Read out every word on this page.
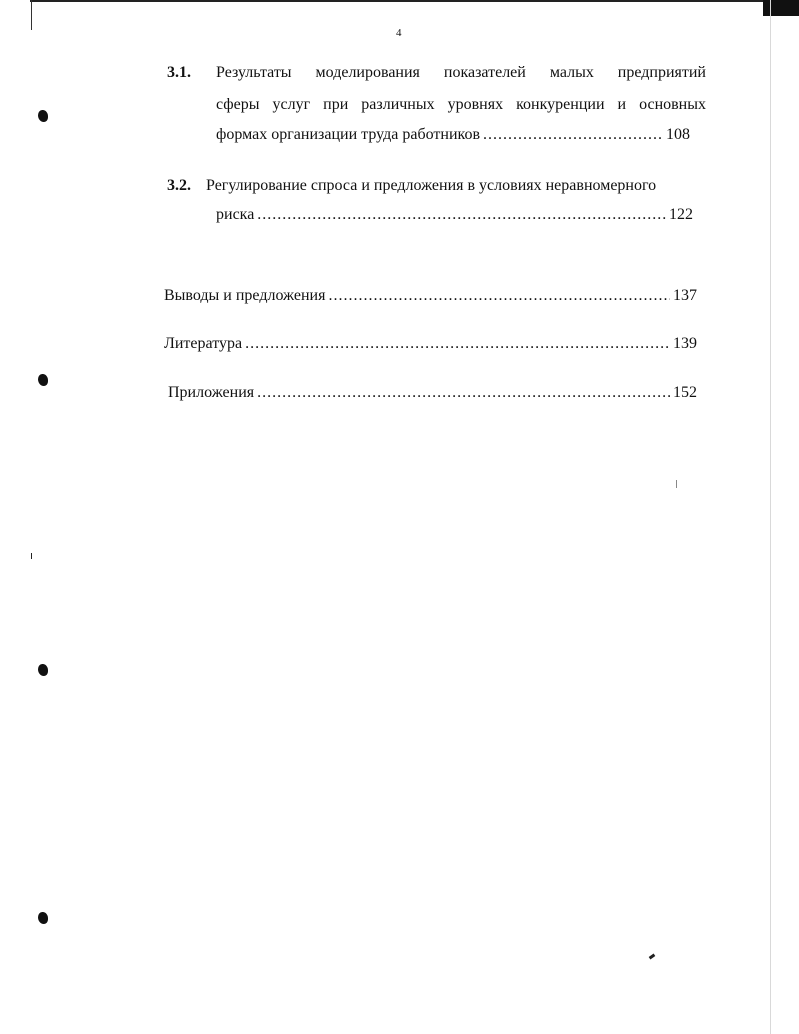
4
3.1. Результаты моделирования показателей малых предприятий
сферы услуг при различных уровнях конкуренции и основных
формах организации труда работников .....	108
3.2. Регулирование спроса и предложения в условиях неравномерного
риска .....	122
Выводы и предложения .....	137
Литература .....	139
Приложения .....	152
